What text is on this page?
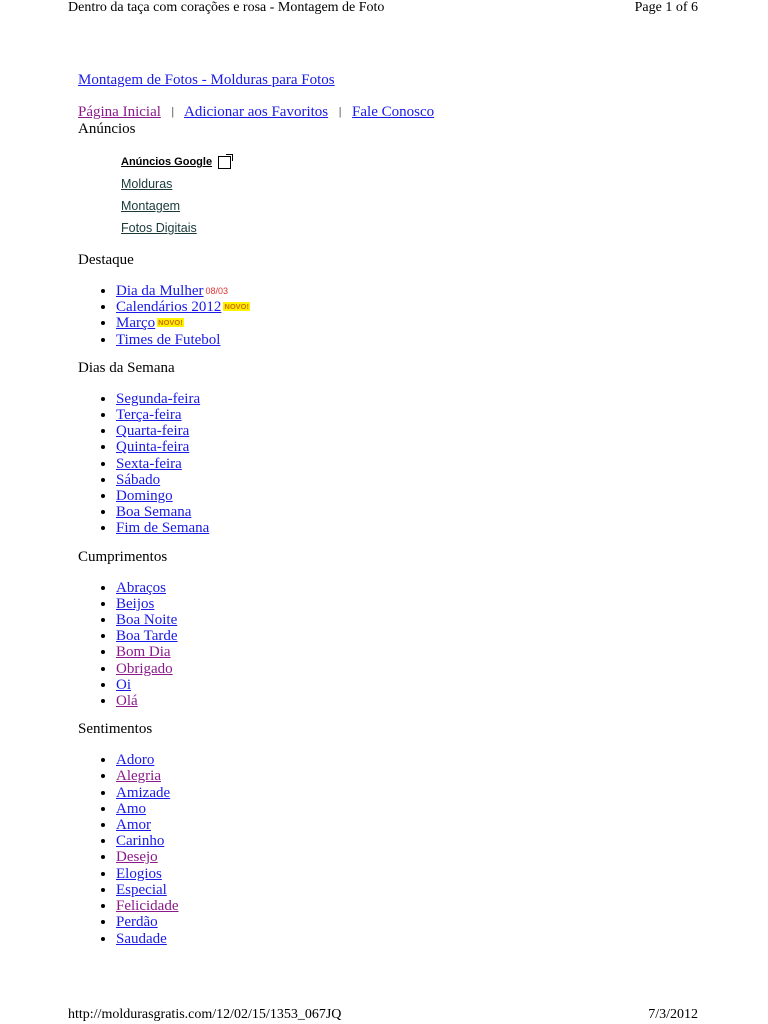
Dentro da taça com corações e rosa - Montagem de Foto	Page 1 of 6
Montagem de Fotos - Molduras para Fotos
Página Inicial | Adicionar aos Favoritos | Fale Conosco
Anúncios
Anúncios Google
Molduras
Montagem
Fotos Digitais
Destaque
• Dia da Mulher $^{08/03}$
• Calendários 2012 $^{NOVO!}$
• Março $^{NOVO!}$
• Times de Futebol
Dias da Semana
• Segunda-feira
• Terça-feira
• Quarta-feira
• Quinta-feira
• Sexta-feira
• Sábado
• Domingo
• Boa Semana
• Fim de Semana
Cumprimentos
• Abraços
• Beijos
• Boa Noite
• Boa Tarde
• Bom Dia
• Obrigado
• Oi
• Olá
Sentimentos
• Adoro
• Alegria
• Amizade
• Amo
• Amor
• Carinho
• Desejo
• Elogios
• Especial
• Felicidade
• Perdão
• Saudade
http://moldurasgratis.com/12/02/15/1353_067JQ	7/3/2012
